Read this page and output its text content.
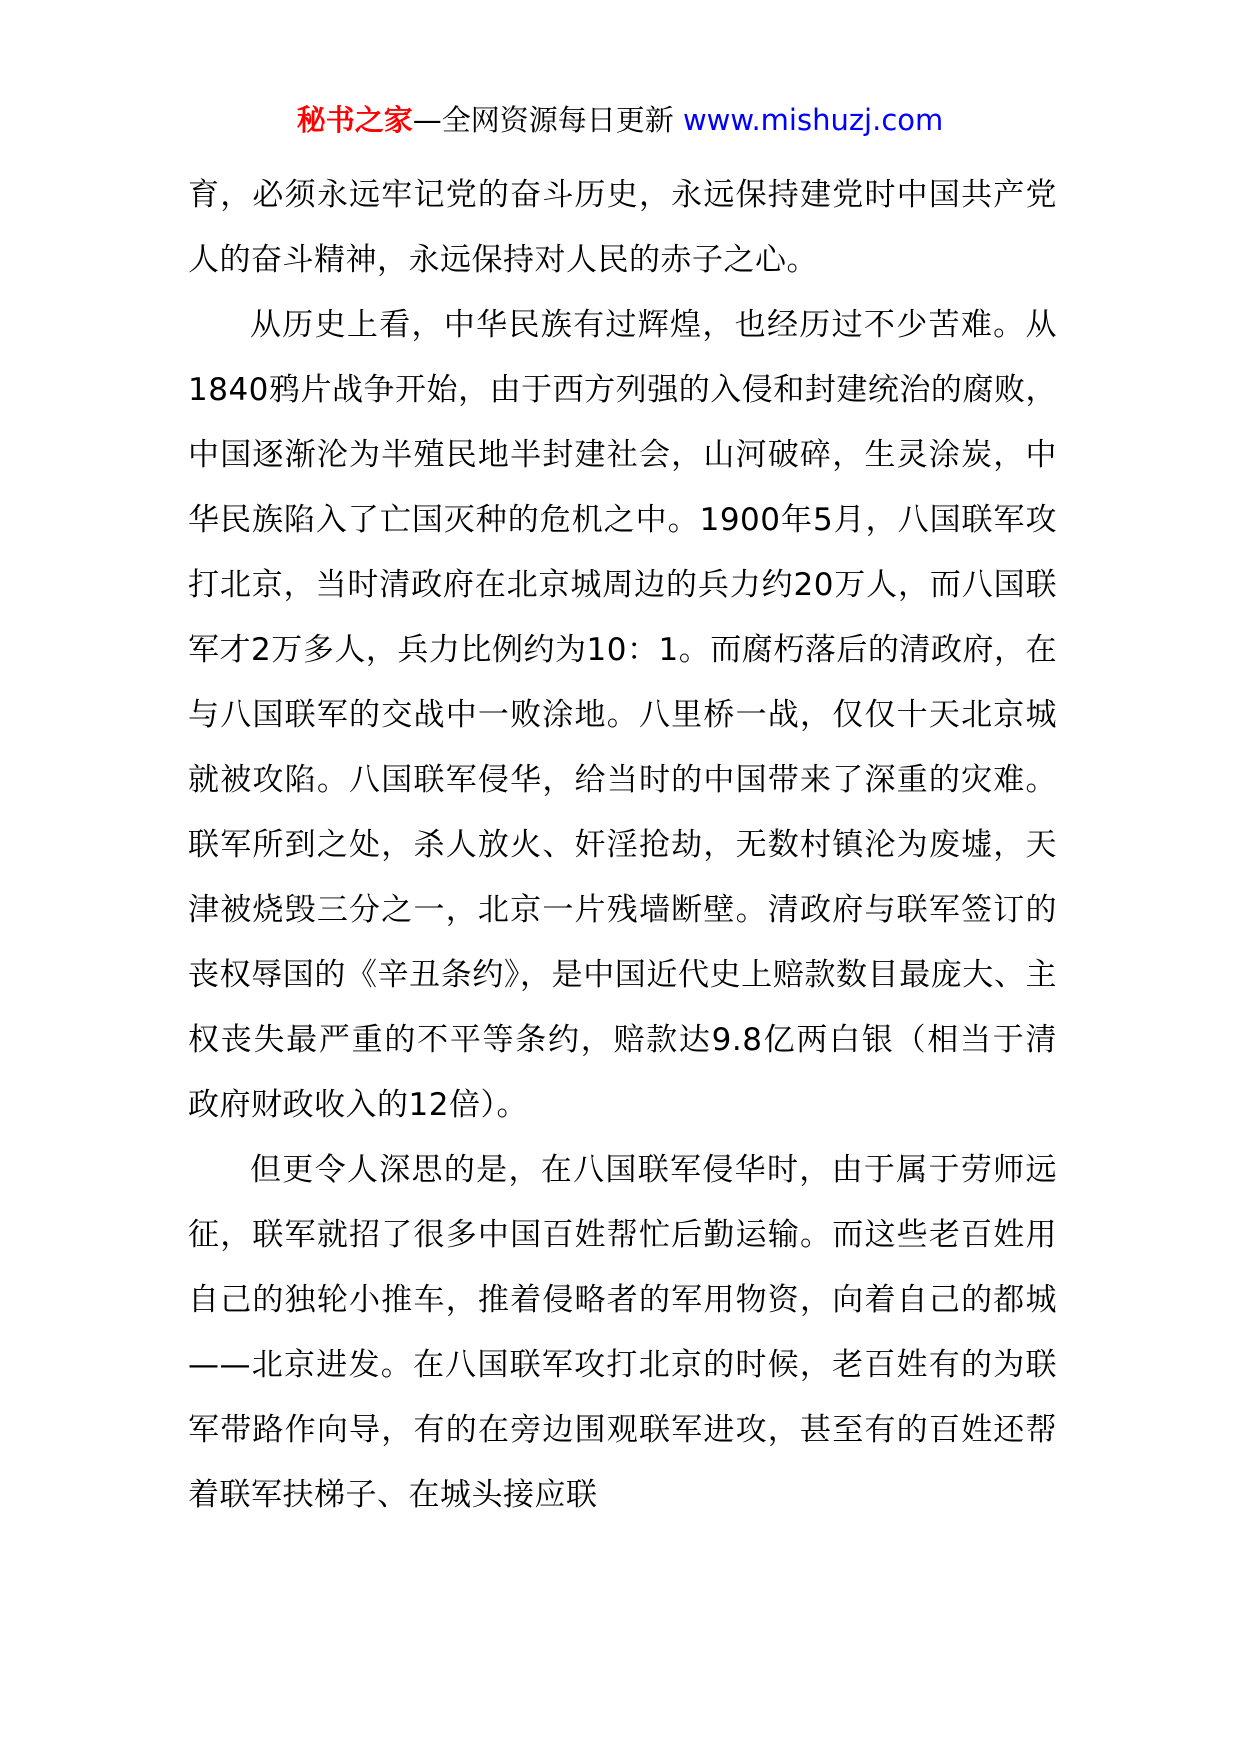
秘书之家—全网资源每日更新 www.mishuzj.com

育，必须永远牢记党的奋斗历史，永远保持建党时中国共产党人的奋斗精神，永远保持对人民的赤子之心。

从历史上看，中华民族有过辉煌，也经历过不少苦难。从1840鸦片战争开始，由于西方列强的入侵和封建统治的腐败，中国逐渐沦为半殖民地半封建社会，山河破碎，生灵涂炭，中华民族陷入了亡国灭种的危机之中。1900年5月，八国联军攻打北京，当时清政府在北京城周边的兵力约20万人，而八国联军才2万多人，兵力比例约为10：1。而腐朽落后的清政府，在与八国联军的交战中一败涂地。八里桥一战，仅仅十天北京城就被攻陷。八国联军侵华，给当时的中国带来了深重的灾难。联军所到之处，杀人放火、奸淫抢劫，无数村镇沦为废墟，天津被烧毁三分之一，北京一片残墙断壁。清政府与联军签订的丧权辱国的《辛丑条约》，是中国近代史上赔款数目最庞大、主权丧失最严重的不平等条约，赔款达9.8亿两白银（相当于清政府财政收入的12倍）。

但更令人深思的是，在八国联军侵华时，由于属于劳师远征，联军就招了很多中国百姓帮忙后勤运输。而这些老百姓用自己的独轮小推车，推着侵略者的军用物资，向着自己的都城——北京进发。在八国联军攻打北京的时候，老百姓有的为联军带路作向导，有的在旁边围观联军进攻，甚至有的百姓还帮着联军扶梯子、在城头接应联
